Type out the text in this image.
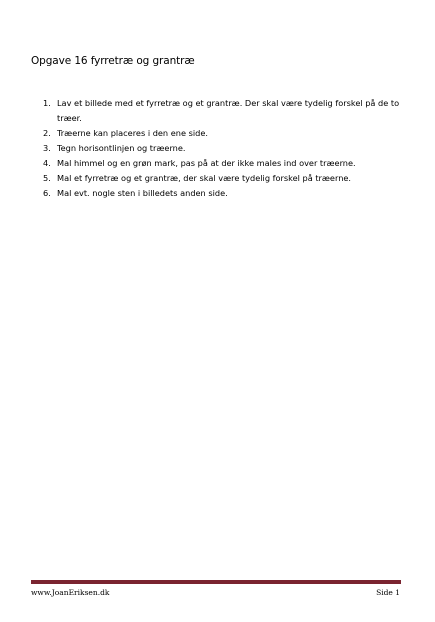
Opgave 16 fyrretræ og grantræ
1. Lav et billede med et fyrretræ og et grantræ. Der skal være tydelig forskel på de to træer.
2. Træerne kan placeres i den ene side.
3. Tegn horisontlinjen og træerne.
4. Mal himmel og en grøn mark, pas på at der ikke males ind over træerne.
5. Mal et fyrretræ og et grantræ, der skal være tydelig forskel på træerne.
6. Mal evt. nogle sten i billedets anden side.
www.JoanEriksen.dk	Side 1
